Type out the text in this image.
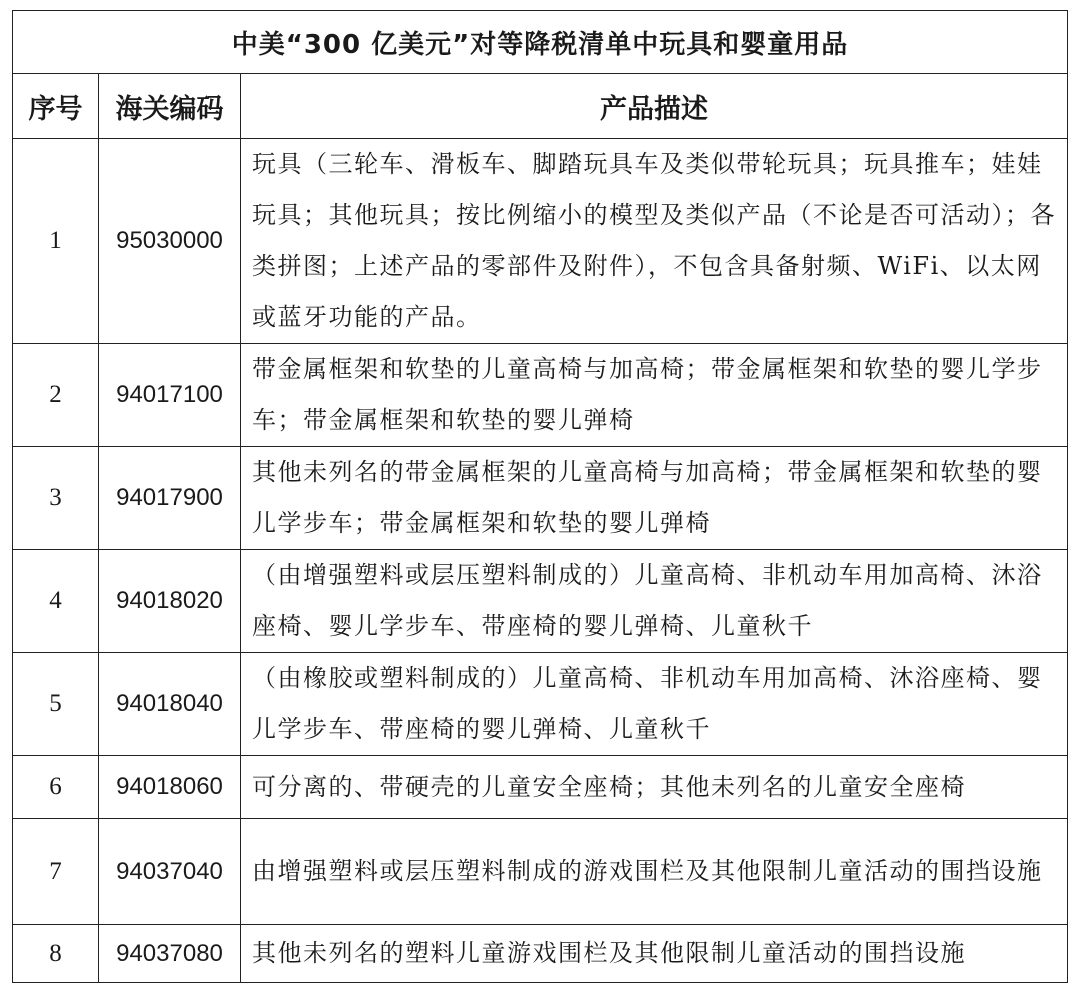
中美“300 亿美元”对等降税清单中玩具和婴童用品		
序号	海关编码	产品描述
1	95030000	玩具（三轮车、滑板车、脚踏玩具车及类似带轮玩具；玩具推车；娃娃玩具；其他玩具；按比例缩小的模型及类似产品（不论是否可活动）；各类拼图；上述产品的零部件及附件），不包含具备射频、WiFi、以太网或蓝牙功能的产品。
2	94017100	带金属框架和软垫的儿童高椅与加高椅；带金属框架和软垫的婴儿学步车；带金属框架和软垫的婴儿弹椅
3	94017900	其他未列名的带金属框架的儿童高椅与加高椅；带金属框架和软垫的婴儿学步车；带金属框架和软垫的婴儿弹椅
4	94018020	（由增强塑料或层压塑料制成的）儿童高椅、非机动车用加高椅、沐浴座椅、婴儿学步车、带座椅的婴儿弹椅、儿童秋千
5	94018040	（由橡胶或塑料制成的）儿童高椅、非机动车用加高椅、沐浴座椅、婴儿学步车、带座椅的婴儿弹椅、儿童秋千
6	94018060	可分离的、带硬壳的儿童安全座椅；其他未列名的儿童安全座椅
7	94037040	由增强塑料或层压塑料制成的游戏围栏及其他限制儿童活动的围挡设施
8	94037080	其他未列名的塑料儿童游戏围栏及其他限制儿童活动的围挡设施
